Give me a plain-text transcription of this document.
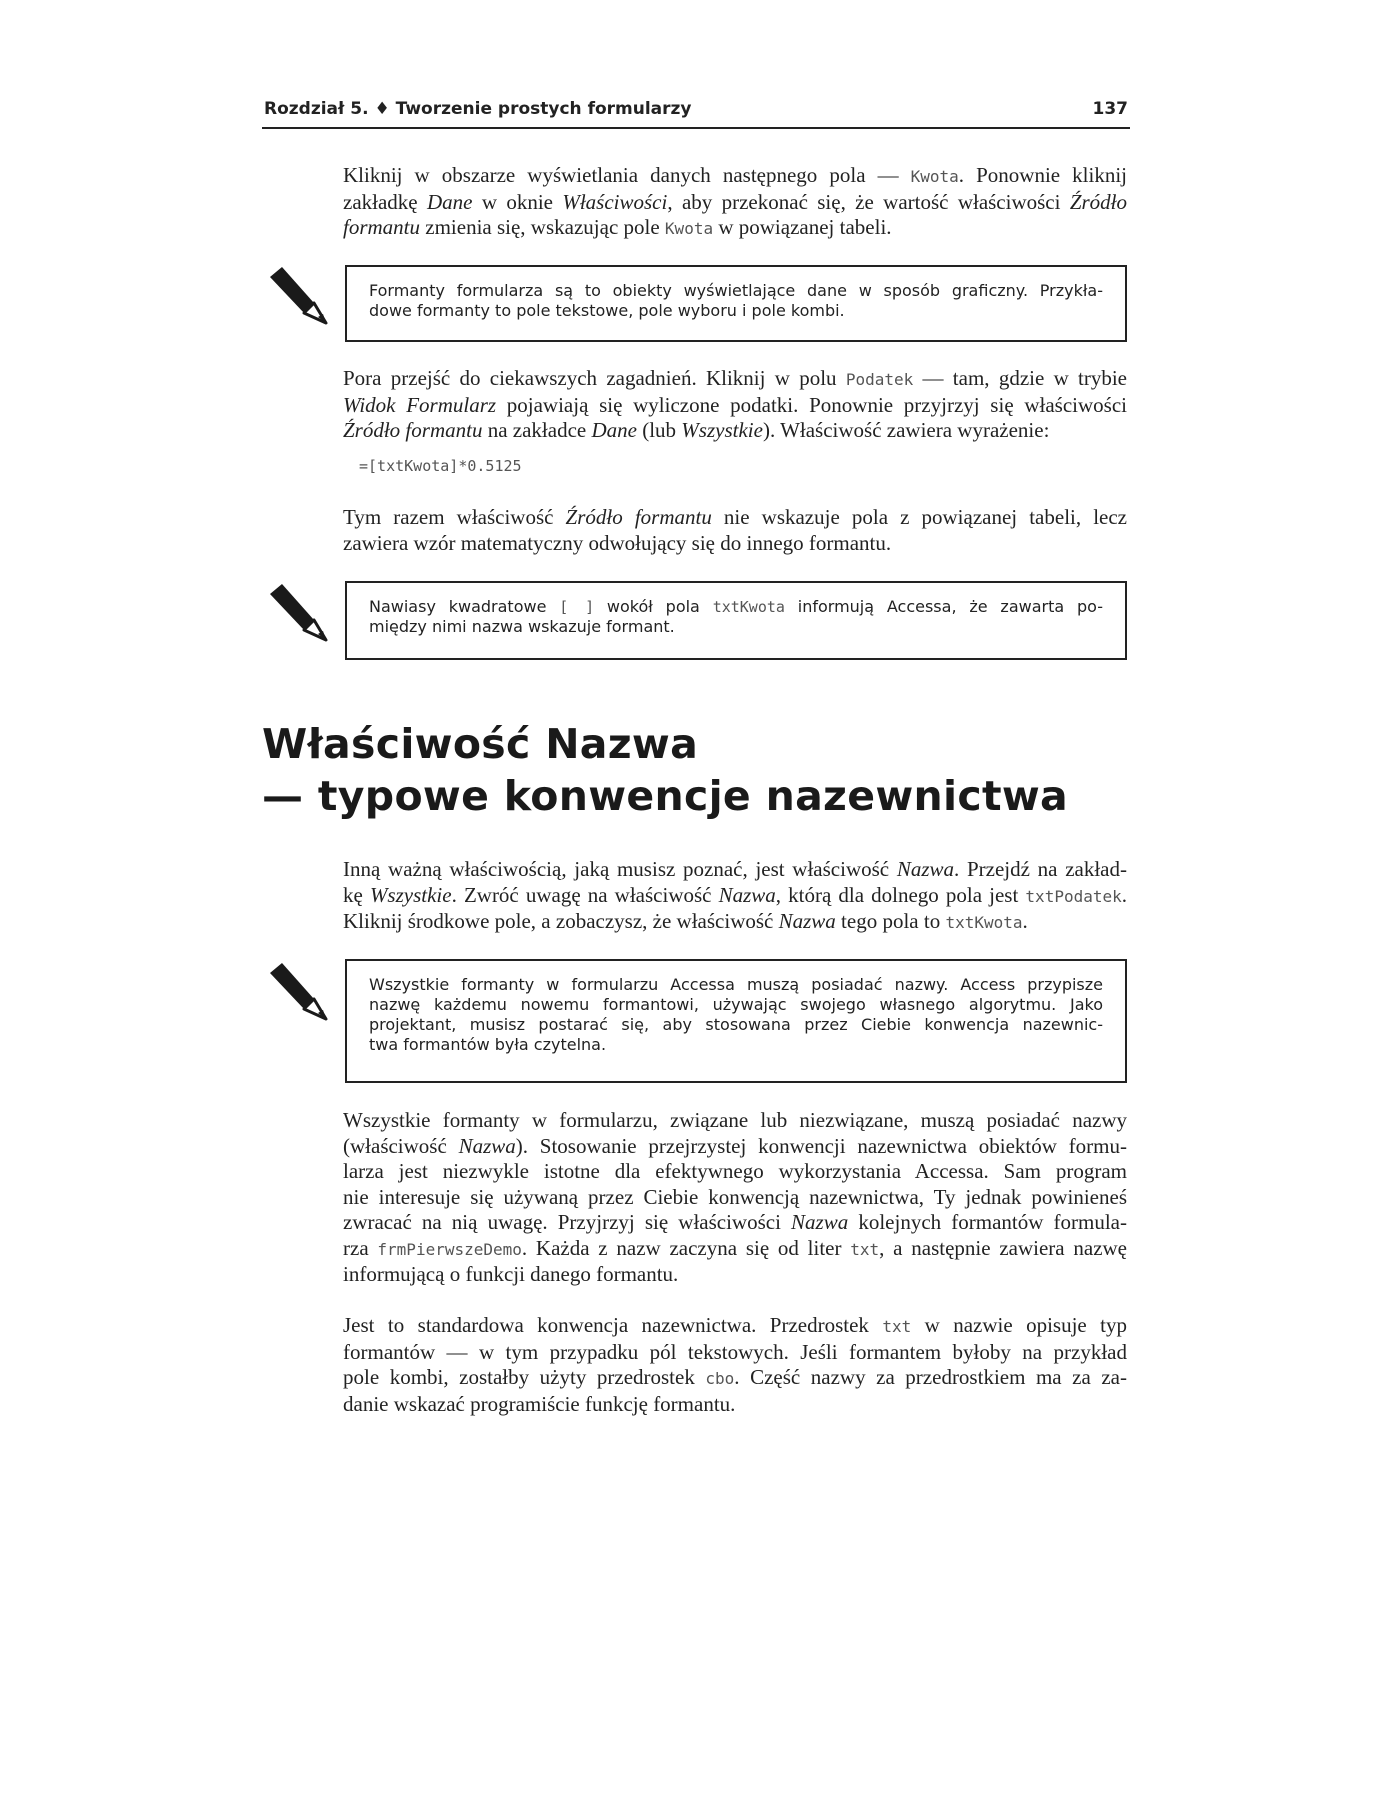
Rozdział 5. ♦ Tworzenie prostych formularzy	137

Kliknij w obszarze wyświetlania danych następnego pola — Kwota. Ponownie kliknij
zakładkę Dane w oknie Właściwości, aby przekonać się, że wartość właściwości Źródło
formantu zmienia się, wskazując pole Kwota w powiązanej tabeli.

Formanty formularza są to obiekty wyświetlające dane w sposób graficzny. Przykła-
dowe formanty to pole tekstowe, pole wyboru i pole kombi.

Pora przejść do ciekawszych zagadnień. Kliknij w polu Podatek — tam, gdzie w trybie
Widok Formularz pojawiają się wyliczone podatki. Ponownie przyjrzyj się właściwości
Źródło formantu na zakładce Dane (lub Wszystkie). Właściwość zawiera wyrażenie:

=[txtKwota]*0.5125

Tym razem właściwość Źródło formantu nie wskazuje pola z powiązanej tabeli, lecz
zawiera wzór matematyczny odwołujący się do innego formantu.

Nawiasy kwadratowe [ ] wokół pola txtKwota informują Accessa, że zawarta po-
między nimi nazwa wskazuje formant.
Właściwość Nazwa
— typowe konwencje nazewnictwa

Inną ważną właściwością, jaką musisz poznać, jest właściwość Nazwa. Przejdź na zakład-
kę Wszystkie. Zwróć uwagę na właściwość Nazwa, którą dla dolnego pola jest txtPodatek.
Kliknij środkowe pole, a zobaczysz, że właściwość Nazwa tego pola to txtKwota.

Wszystkie formanty w formularzu Accessa muszą posiadać nazwy. Access przypisze
nazwę każdemu nowemu formantowi, używając swojego własnego algorytmu. Jako
projektant, musisz postarać się, aby stosowana przez Ciebie konwencja nazewnic-
twa formantów była czytelna.

Wszystkie formanty w formularzu, związane lub niezwiązane, muszą posiadać nazwy
(właściwość Nazwa). Stosowanie przejrzystej konwencji nazewnictwa obiektów formu-
larza jest niezwykle istotne dla efektywnego wykorzystania Accessa. Sam program
nie interesuje się używaną przez Ciebie konwencją nazewnictwa, Ty jednak powinieneś
zwracać na nią uwagę. Przyjrzyj się właściwości Nazwa kolejnych formantów formula-
rza frmPierwszeDemo. Każda z nazw zaczyna się od liter txt, a następnie zawiera nazwę
informującą o funkcji danego formantu.

Jest to standardowa konwencja nazewnictwa. Przedrostek txt w nazwie opisuje typ
formantów — w tym przypadku pól tekstowych. Jeśli formantem byłoby na przykład
pole kombi, zostałby użyty przedrostek cbo. Część nazwy za przedrostkiem ma za za-
danie wskazać programiście funkcję formantu.
